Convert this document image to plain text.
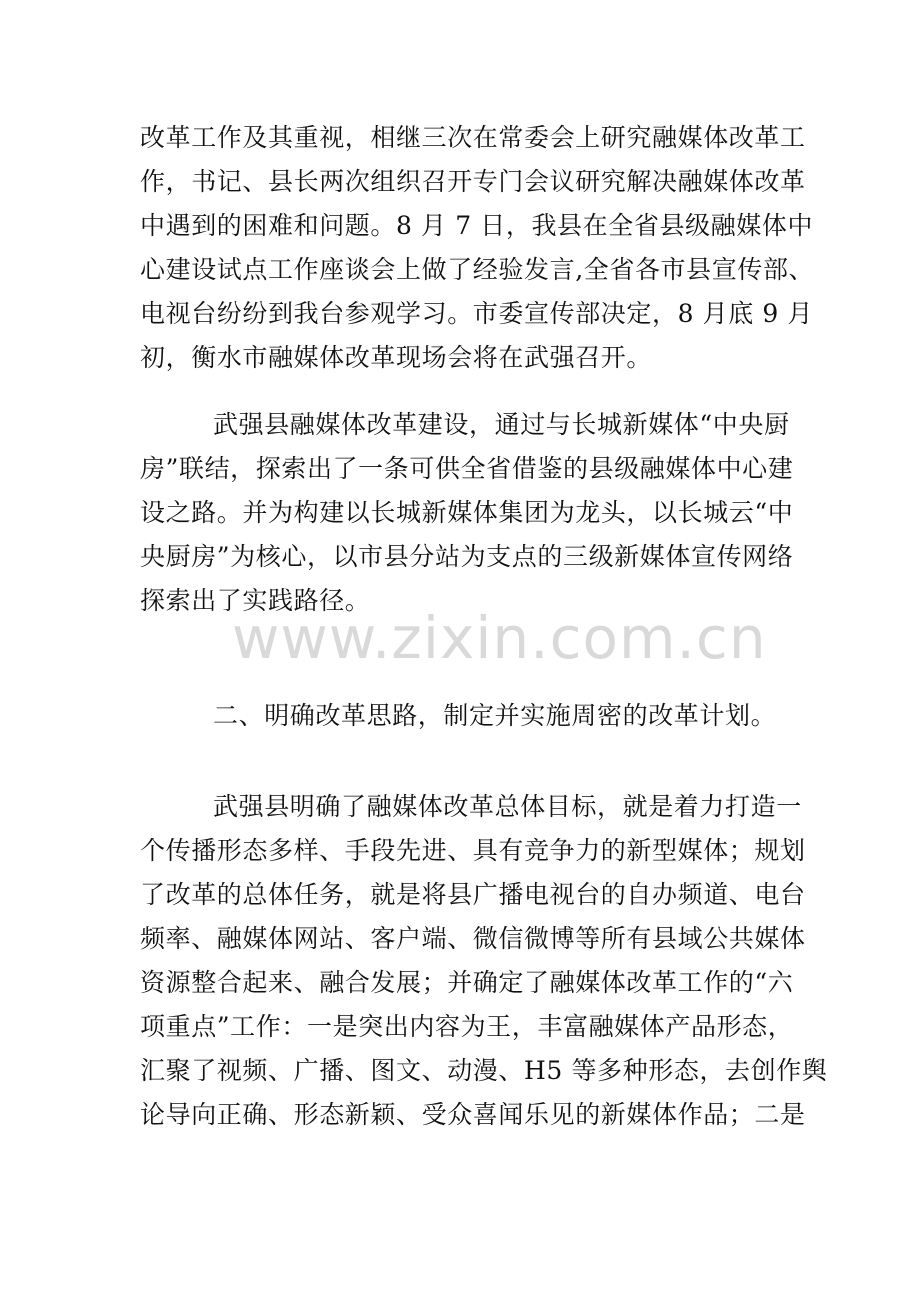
改革工作及其重视，相继三次在常委会上研究融媒体改革工
作，书记、县长两次组织召开专门会议研究解决融媒体改革
中遇到的困难和问题。8 月 7 日，我县在全省县级融媒体中
心建设试点工作座谈会上做了经验发言,全省各市县宣传部、
电视台纷纷到我台参观学习。市委宣传部决定，8 月底 9 月
初，衡水市融媒体改革现场会将在武强召开。
武强县融媒体改革建设，通过与长城新媒体“中央厨
房”联结，探索出了一条可供全省借鉴的县级融媒体中心建
设之路。并为构建以长城新媒体集团为龙头，以长城云“中
央厨房”为核心，以市县分站为支点的三级新媒体宣传网络
探索出了实践路径。
www.zixin.com.cn
二、明确改革思路，制定并实施周密的改革计划。
武强县明确了融媒体改革总体目标，就是着力打造一
个传播形态多样、手段先进、具有竞争力的新型媒体；规划
了改革的总体任务，就是将县广播电视台的自办频道、电台
频率、融媒体网站、客户端、微信微博等所有县域公共媒体
资源整合起来、融合发展；并确定了融媒体改革工作的“六
项重点”工作：一是突出内容为王，丰富融媒体产品形态，
汇聚了视频、广播、图文、动漫、H5 等多种形态，去创作舆
论导向正确、形态新颖、受众喜闻乐见的新媒体作品；二是
